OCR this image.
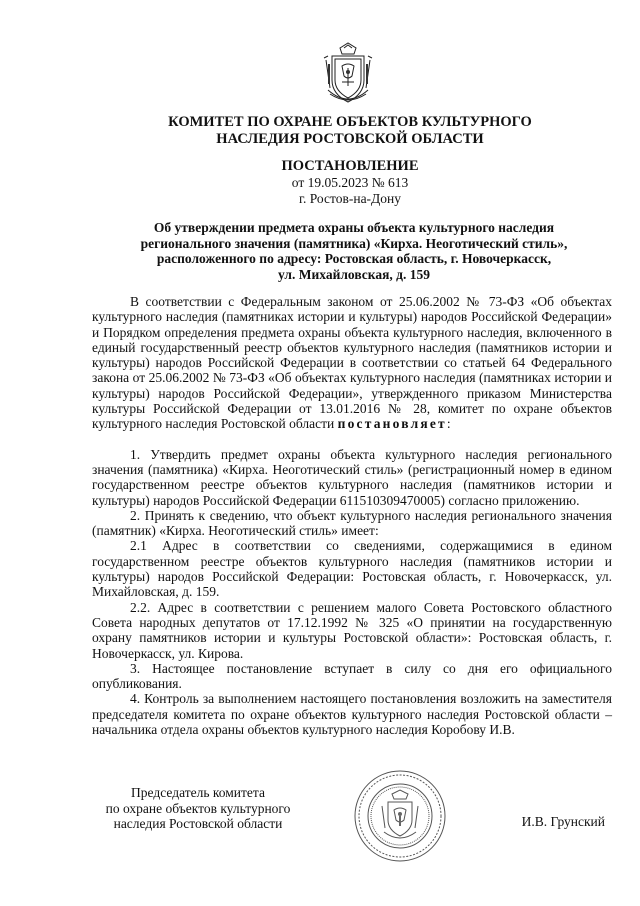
КОМИТЕТ ПО ОХРАНЕ ОБЪЕКТОВ КУЛЬТУРНОГО
НАСЛЕДИЯ РОСТОВСКОЙ ОБЛАСТИ
ПОСТАНОВЛЕНИЕ
от 19.05.2023 № 613
г. Ростов-на-Дону
Об утверждении предмета охраны объекта культурного наследия
регионального значения (памятника) «Кирха. Неоготический стиль»,
расположенного по адресу: Ростовская область, г. Новочеркасск,
ул. Михайловская, д. 159

В соответствии с Федеральным законом от 25.06.2002 № 73-ФЗ «Об объектах культурного наследия (памятниках истории и культуры) народов Российской Федерации» и Порядком определения предмета охраны объекта культурного наследия, включенного в единый государственный реестр объектов культурного наследия (памятников истории и культуры) народов Российской Федерации в соответствии со статьей 64 Федерального закона от 25.06.2002 № 73-ФЗ «Об объектах культурного наследия (памятниках истории и культуры) народов Российской Федерации», утвержденного приказом Министерства культуры Российской Федерации от 13.01.2016 № 28, комитет по охране объектов культурного наследия Ростовской области постановляет:

1. Утвердить предмет охраны объекта культурного наследия регионального значения (памятника) «Кирха. Неоготический стиль» (регистрационный номер в едином государственном реестре объектов культурного наследия (памятников истории и культуры) народов Российской Федерации 611510309470005) согласно приложению.

2. Принять к сведению, что объект культурного наследия регионального значения (памятник) «Кирха. Неоготический стиль» имеет:

2.1 Адрес в соответствии со сведениями, содержащимися в едином государственном реестре объектов культурного наследия (памятников истории и культуры) народов Российской Федерации: Ростовская область, г. Новочеркасск, ул. Михайловская, д. 159.

2.2. Адрес в соответствии с решением малого Совета Ростовского областного Совета народных депутатов от 17.12.1992 № 325 «О принятии на государственную охрану памятников истории и культуры Ростовской области»: Ростовская область, г. Новочеркасск, ул. Кирова.

3. Настоящее постановление вступает в силу со дня его официального опубликования.

4. Контроль за выполнением настоящего постановления возложить на заместителя председателя комитета по охране объектов культурного наследия Ростовской области – начальника отдела охраны объектов культурного наследия Коробову И.В.

Председатель комитета
по охране объектов культурного
наследия Ростовской области	И.В. Грунский
